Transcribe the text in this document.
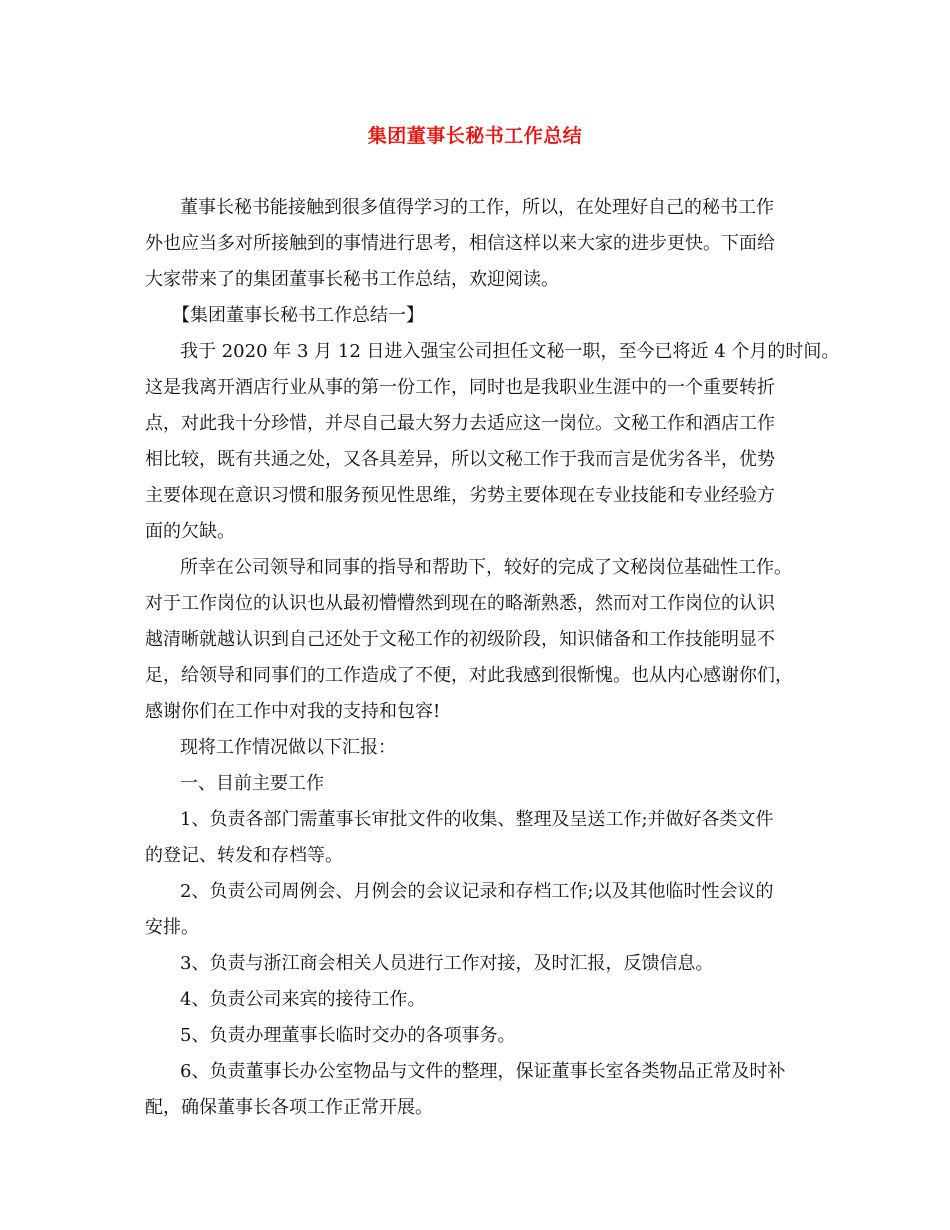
集团董事长秘书工作总结
董事长秘书能接触到很多值得学习的工作，所以，在处理好自己的秘书工作
外也应当多对所接触到的事情进行思考，相信这样以来大家的进步更快。下面给
大家带来了的集团董事长秘书工作总结，欢迎阅读。
【集团董事长秘书工作总结一】
我于 2020 年 3 月 12 日进入强宝公司担任文秘一职，至今已将近 4 个月的时间。
这是我离开酒店行业从事的第一份工作，同时也是我职业生涯中的一个重要转折
点，对此我十分珍惜，并尽自己最大努力去适应这一岗位。文秘工作和酒店工作
相比较，既有共通之处，又各具差异，所以文秘工作于我而言是优劣各半，优势
主要体现在意识习惯和服务预见性思维，劣势主要体现在专业技能和专业经验方
面的欠缺。
所幸在公司领导和同事的指导和帮助下，较好的完成了文秘岗位基础性工作。
对于工作岗位的认识也从最初懵懵然到现在的略渐熟悉，然而对工作岗位的认识
越清晰就越认识到自己还处于文秘工作的初级阶段，知识储备和工作技能明显不
足，给领导和同事们的工作造成了不便，对此我感到很惭愧。也从内心感谢你们，
感谢你们在工作中对我的支持和包容!
现将工作情况做以下汇报：
一、目前主要工作
1、负责各部门需董事长审批文件的收集、整理及呈送工作;并做好各类文件
的登记、转发和存档等。
2、负责公司周例会、月例会的会议记录和存档工作;以及其他临时性会议的
安排。
3、负责与浙江商会相关人员进行工作对接，及时汇报，反馈信息。
4、负责公司来宾的接待工作。
5、负责办理董事长临时交办的各项事务。
6、负责董事长办公室物品与文件的整理，保证董事长室各类物品正常及时补
配，确保董事长各项工作正常开展。
